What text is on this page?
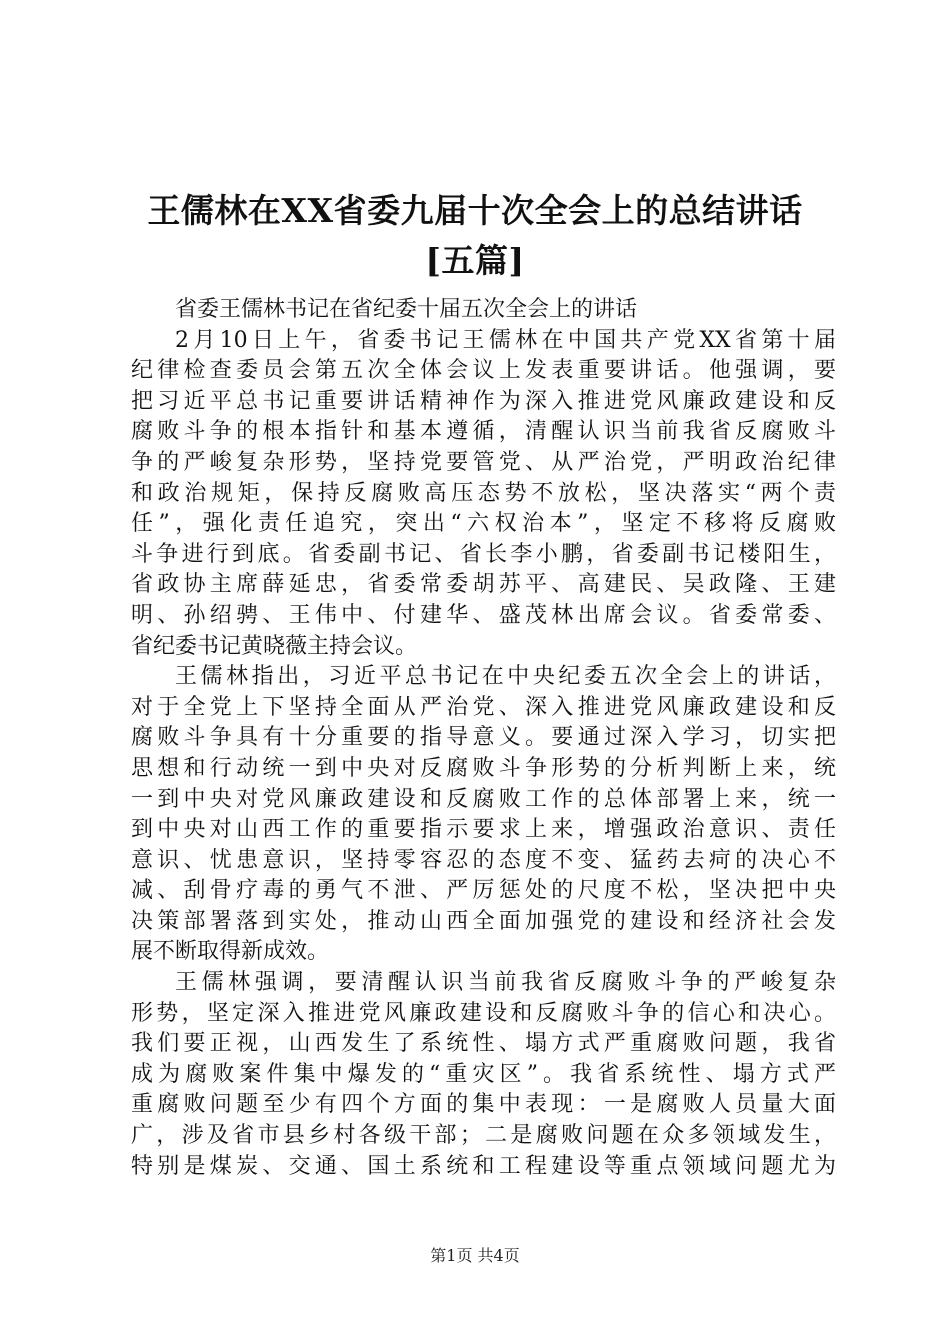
王儒林在XX省委九届十次全会上的总结讲话
[五篇]
省委王儒林书记在省纪委十届五次全会上的讲话
2月10日上午，省委书记王儒林在中国共产党XX省第十届
纪律检查委员会第五次全体会议上发表重要讲话。他强调，要
把习近平总书记重要讲话精神作为深入推进党风廉政建设和反
腐败斗争的根本指针和基本遵循，清醒认识当前我省反腐败斗
争的严峻复杂形势，坚持党要管党、从严治党，严明政治纪律
和政治规矩，保持反腐败高压态势不放松，坚决落实“两个责
任”，强化责任追究，突出“六权治本”，坚定不移将反腐败
斗争进行到底。省委副书记、省长李小鹏，省委副书记楼阳生，
省政协主席薛延忠，省委常委胡苏平、高建民、吴政隆、王建
明、孙绍骋、王伟中、付建华、盛茂林出席会议。省委常委、
省纪委书记黄晓薇主持会议。
王儒林指出，习近平总书记在中央纪委五次全会上的讲话，
对于全党上下坚持全面从严治党、深入推进党风廉政建设和反
腐败斗争具有十分重要的指导意义。要通过深入学习，切实把
思想和行动统一到中央对反腐败斗争形势的分析判断上来，统
一到中央对党风廉政建设和反腐败工作的总体部署上来，统一
到中央对山西工作的重要指示要求上来，增强政治意识、责任
意识、忧患意识，坚持零容忍的态度不变、猛药去疴的决心不
减、刮骨疗毒的勇气不泄、严厉惩处的尺度不松，坚决把中央
决策部署落到实处，推动山西全面加强党的建设和经济社会发
展不断取得新成效。
王儒林强调，要清醒认识当前我省反腐败斗争的严峻复杂
形势，坚定深入推进党风廉政建设和反腐败斗争的信心和决心。
我们要正视，山西发生了系统性、塌方式严重腐败问题，我省
成为腐败案件集中爆发的“重灾区”。我省系统性、塌方式严
重腐败问题至少有四个方面的集中表现：一是腐败人员量大面
广，涉及省市县乡村各级干部；二是腐败问题在众多领域发生，
特别是煤炭、交通、国土系统和工程建设等重点领域问题尤为
第1页 共4页
